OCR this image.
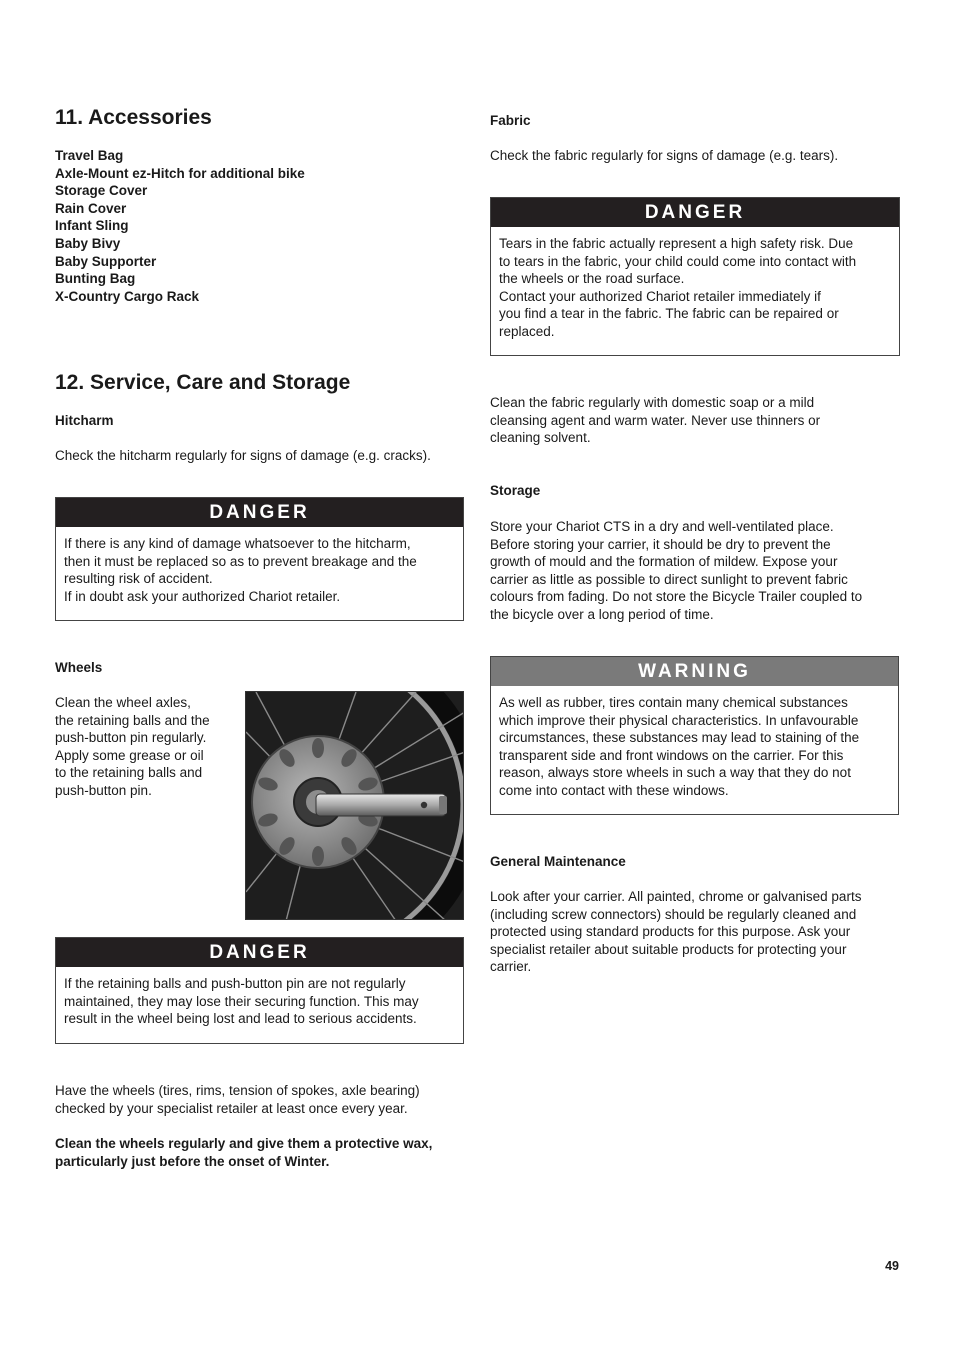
11. Accessories
Travel Bag
Axle-Mount ez-Hitch for additional bike
Storage Cover
Rain Cover
Infant Sling
Baby Bivy
Baby Supporter
Bunting Bag
X-Country Cargo Rack
12. Service, Care and Storage

Hitcharm

Check the hitcharm regularly for signs of damage (e.g. cracks).

DANGER
If there is any kind of damage whatsoever to the hitcharm,
then it must be replaced so as to prevent breakage and the
resulting risk of accident.
If in doubt ask your authorized Chariot retailer.

Wheels

Clean the wheel axles,
the retaining balls and the
push-button pin regularly.
Apply some grease or oil
to the retaining balls and
push-button pin.
DANGER
If the retaining balls and push-button pin are not regularly
maintained, they may lose their securing function. This may
result in the wheel being lost and lead to serious accidents.
Have the wheels (tires, rims, tension of spokes, axle bearing)
checked by your specialist retailer at least once every year.
Clean the wheels regularly and give them a protective wax,
particularly just before the onset of Winter.

Fabric

Check the fabric regularly for signs of damage (e.g. tears).

DANGER
Tears in the fabric actually represent a high safety risk. Due
to tears in the fabric, your child could come into contact with
the wheels or the road surface.
Contact your authorized Chariot retailer immediately if
you find a tear in the fabric. The fabric can be repaired or
replaced.
Clean the fabric regularly with domestic soap or a mild
cleansing agent and warm water. Never use thinners or
cleaning solvent.

Storage

Store your Chariot CTS in a dry and well-ventilated place.
Before storing your carrier, it should be dry to prevent the
growth of mould and the formation of mildew. Expose your
carrier as little as possible to direct sunlight to prevent fabric
colours from fading. Do not store the Bicycle Trailer coupled to
the bicycle over a long period of time.
WARNING
As well as rubber, tires contain many chemical substances
which improve their physical characteristics. In unfavourable
circumstances, these substances may lead to staining of the
transparent side and front windows on the carrier. For this
reason, always store wheels in such a way that they do not
come into contact with these windows.

General Maintenance

Look after your carrier. All painted, chrome or galvanised parts
(including screw connectors) should be regularly cleaned and
protected using standard products for this purpose. Ask your
specialist retailer about suitable products for protecting your
carrier.
49
